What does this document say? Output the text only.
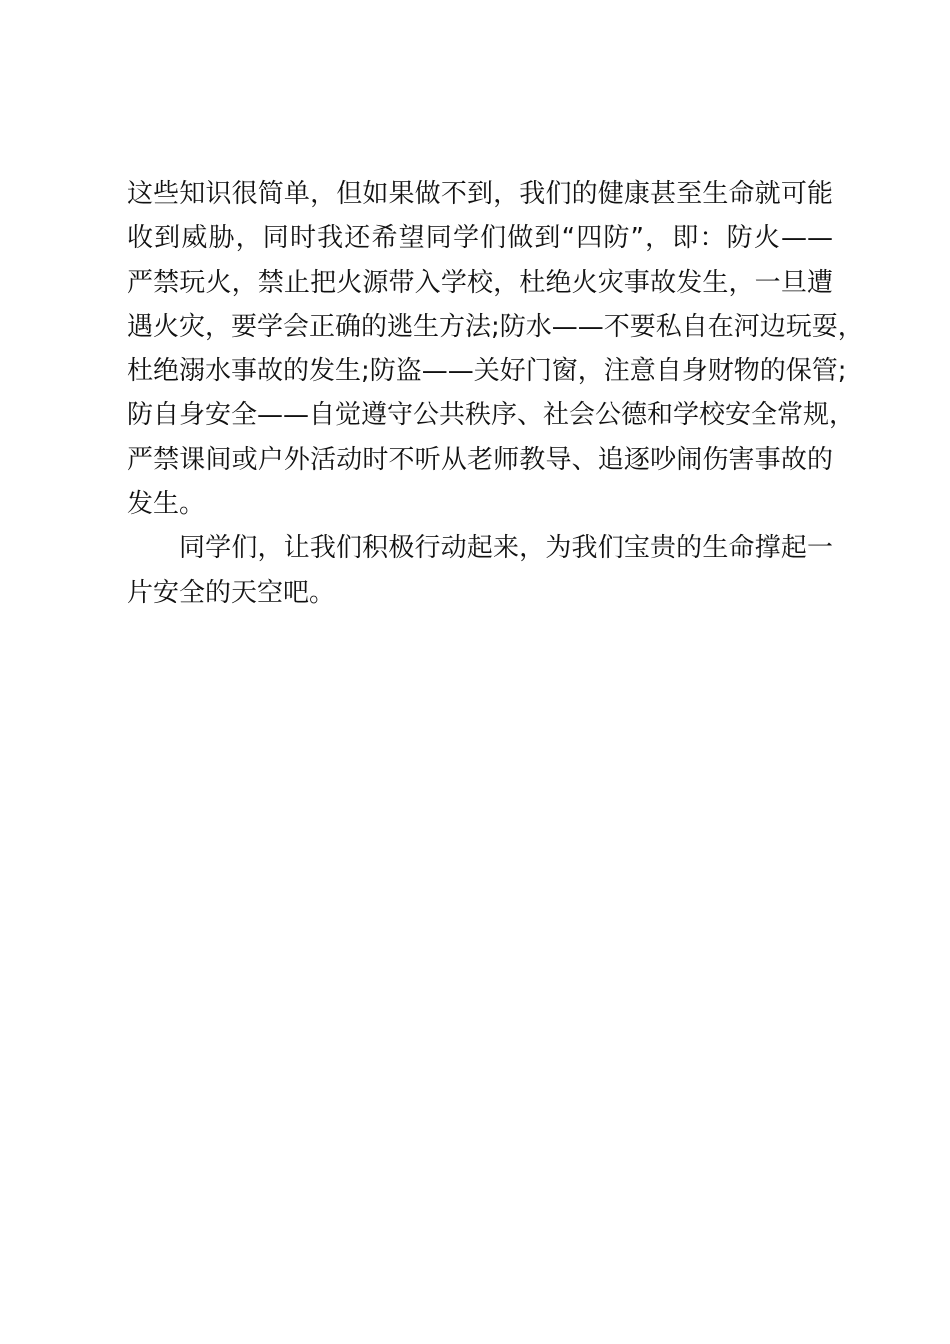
这些知识很简单，但如果做不到，我们的健康甚至生命就可能
收到威胁，同时我还希望同学们做到“四防”，即：防火——
严禁玩火，禁止把火源带入学校，杜绝火灾事故发生，一旦遭
遇火灾，要学会正确的逃生方法;防水——不要私自在河边玩耍，
杜绝溺水事故的发生;防盗——关好门窗，注意自身财物的保管;
防自身安全——自觉遵守公共秩序、社会公德和学校安全常规，
严禁课间或户外活动时不听从老师教导、追逐吵闹伤害事故的
发生。
同学们，让我们积极行动起来，为我们宝贵的生命撑起一
片安全的天空吧。
